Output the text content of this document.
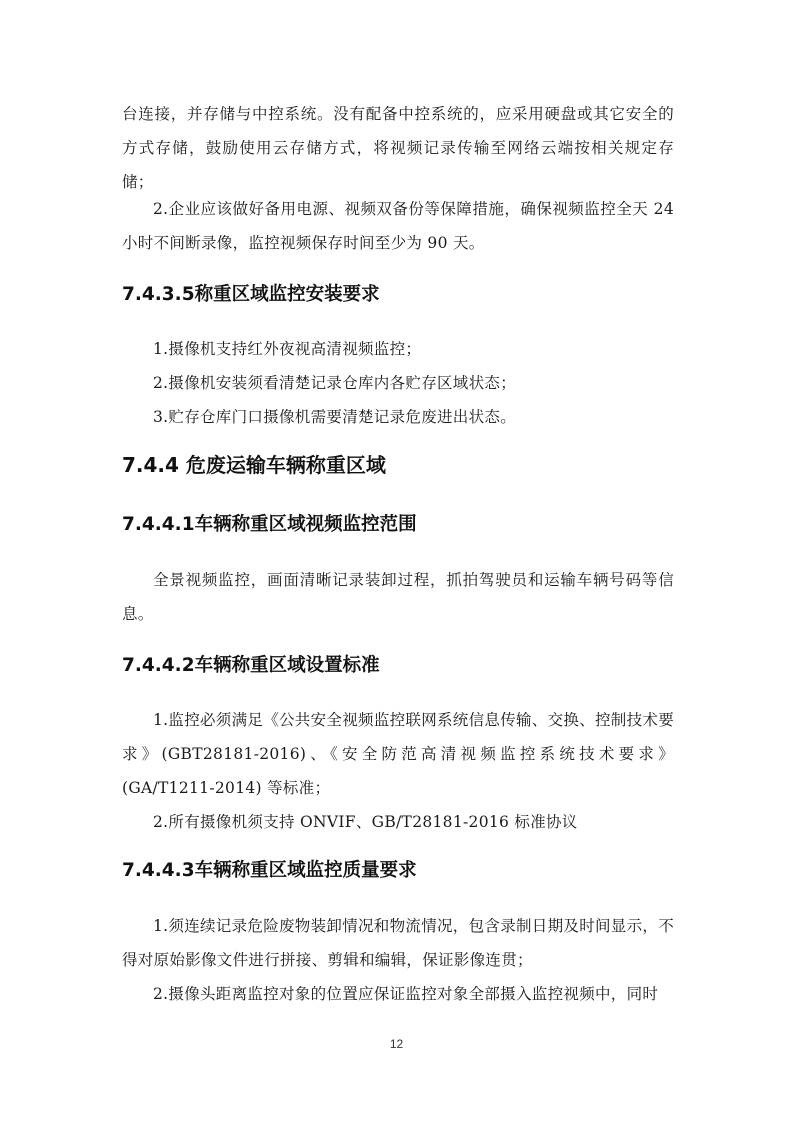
台连接，并存储与中控系统。没有配备中控系统的，应采用硬盘或其它安全的方式存储，鼓励使用云存储方式，将视频记录传输至网络云端按相关规定存储；

2.企业应该做好备用电源、视频双备份等保障措施，确保视频监控全天 24 小时不间断录像，监控视频保存时间至少为 90 天。

7.4.3.5称重区域监控安装要求

1.摄像机支持红外夜视高清视频监控；

2.摄像机安装须看清楚记录仓库内各贮存区域状态；

3.贮存仓库门口摄像机需要清楚记录危废进出状态。

7.4.4 危废运输车辆称重区域
7.4.4.1车辆称重区域视频监控范围

全景视频监控，画面清晰记录装卸过程，抓拍驾驶员和运输车辆号码等信息。

7.4.4.2车辆称重区域设置标准

1.监控必须满足《公共安全视频监控联网系统信息传输、交换、控制技术要求》(GBT28181-2016)、《安全防范高清视频监控系统技术要求》(GA/T1211-2014) 等标准；

2.所有摄像机须支持 ONVIF、GB/T28181-2016 标准协议

7.4.4.3车辆称重区域监控质量要求

1.须连续记录危险废物装卸情况和物流情况，包含录制日期及时间显示，不得对原始影像文件进行拼接、剪辑和编辑，保证影像连贯；

2.摄像头距离监控对象的位置应保证监控对象全部摄入监控视频中，同时

12
